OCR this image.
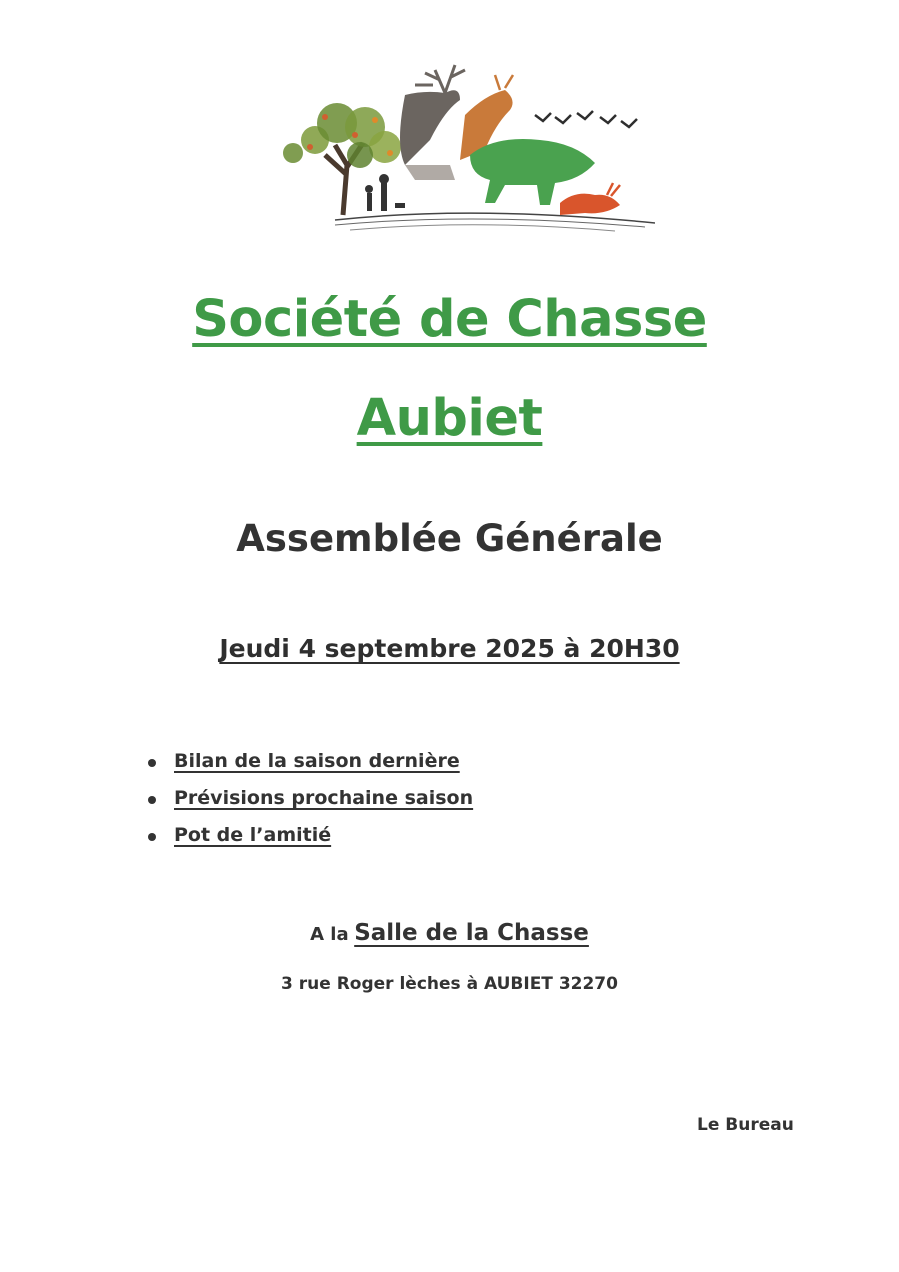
Société de Chasse
Aubiet
Assemblée Générale
Jeudi 4 septembre 2025 à 20H30
Bilan de la saison dernière
Prévisions prochaine saison
Pot de l’amitié
A la Salle de la Chasse
3 rue Roger lèches à AUBIET 32270
Le Bureau
